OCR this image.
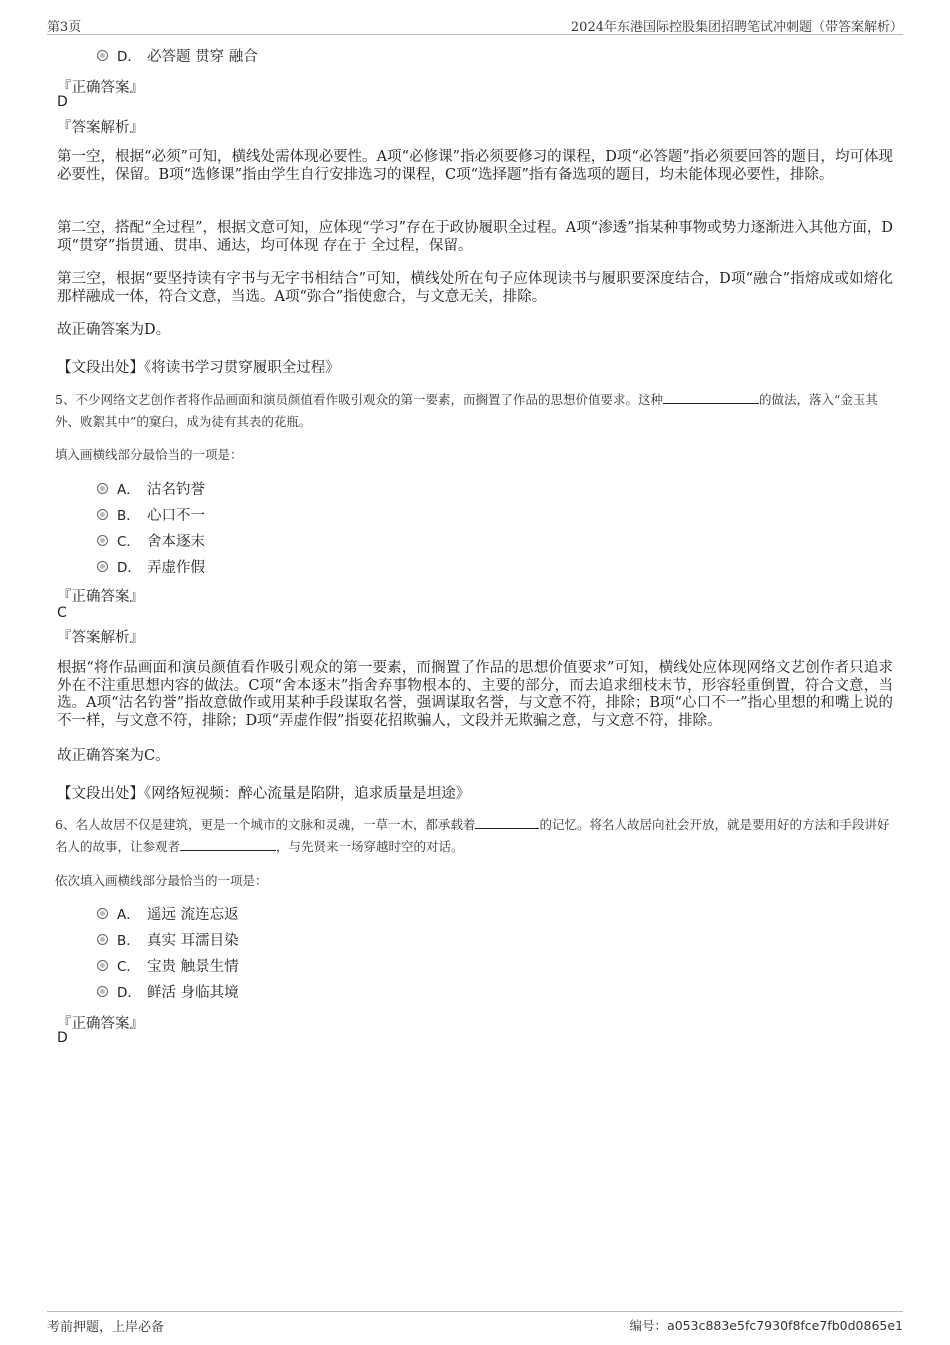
第3页	2024年东港国际控股集团招聘笔试冲刺题（带答案解析）
D． 必答题 贯穿 融合
『正确答案』
D
『答案解析』
第一空，根据“必须”可知，横线处需体现必要性。A项“必修课”指必须要修习的课程，D项“必答题”指必须要回答的题目，均可体现必要性，保留。B项“选修课”指由学生自行安排选习的课程，C项“选择题”指有备选项的题目，均未能体现必要性，排除。
第二空，搭配“全过程”，根据文意可知，应体现“学习”存在于政协履职全过程。A项“渗透”指某种事物或势力逐渐进入其他方面，D项“贯穿”指贯通、贯串、通达，均可体现 存在于 全过程，保留。
第三空，根据“要坚持读有字书与无字书相结合”可知，横线处所在句子应体现读书与履职要深度结合，D项“融合”指熔成或如熔化那样融成一体，符合文意，当选。A项“弥合”指使愈合，与文意无关，排除。
故正确答案为D。
【文段出处】《将读书学习贯穿履职全过程》
5、不少网络文艺创作者将作品画面和演员颜值看作吸引观众的第一要素，而搁置了作品的思想价值要求。这种	的做法，落入“金玉其外、败絮其中”的窠臼，成为徒有其表的花瓶。
填入画横线部分最恰当的一项是：
A． 沽名钓誉
B． 心口不一
C． 舍本逐末
D． 弄虚作假
『正确答案』
C
『答案解析』
根据“将作品画面和演员颜值看作吸引观众的第一要素，而搁置了作品的思想价值要求”可知，横线处应体现网络文艺创作者只追求外在不注重思想内容的做法。C项“舍本逐末”指舍弃事物根本的、主要的部分，而去追求细枝末节，形容轻重倒置，符合文意，当选。A项“沽名钓誉”指故意做作或用某种手段谋取名誉，强调谋取名誉，与文意不符，排除；B项“心口不一”指心里想的和嘴上说的不一样，与文意不符，排除；D项“弄虚作假”指耍花招欺骗人，文段并无欺骗之意，与文意不符，排除。
故正确答案为C。
【文段出处】《网络短视频：醉心流量是陷阱，追求质量是坦途》
6、名人故居不仅是建筑，更是一个城市的文脉和灵魂，一草一木，都承载着	的记忆。将名人故居向社会开放，就是要用好的方法和手段讲好名人的故事，让参观者	，与先贤来一场穿越时空的对话。
依次填入画横线部分最恰当的一项是：
A． 遥远 流连忘返
B． 真实 耳濡目染
C． 宝贵 触景生情
D． 鲜活 身临其境
『正确答案』
D
考前押题，上岸必备	编号：a053c883e5fc7930f8fce7fb0d0865e1
